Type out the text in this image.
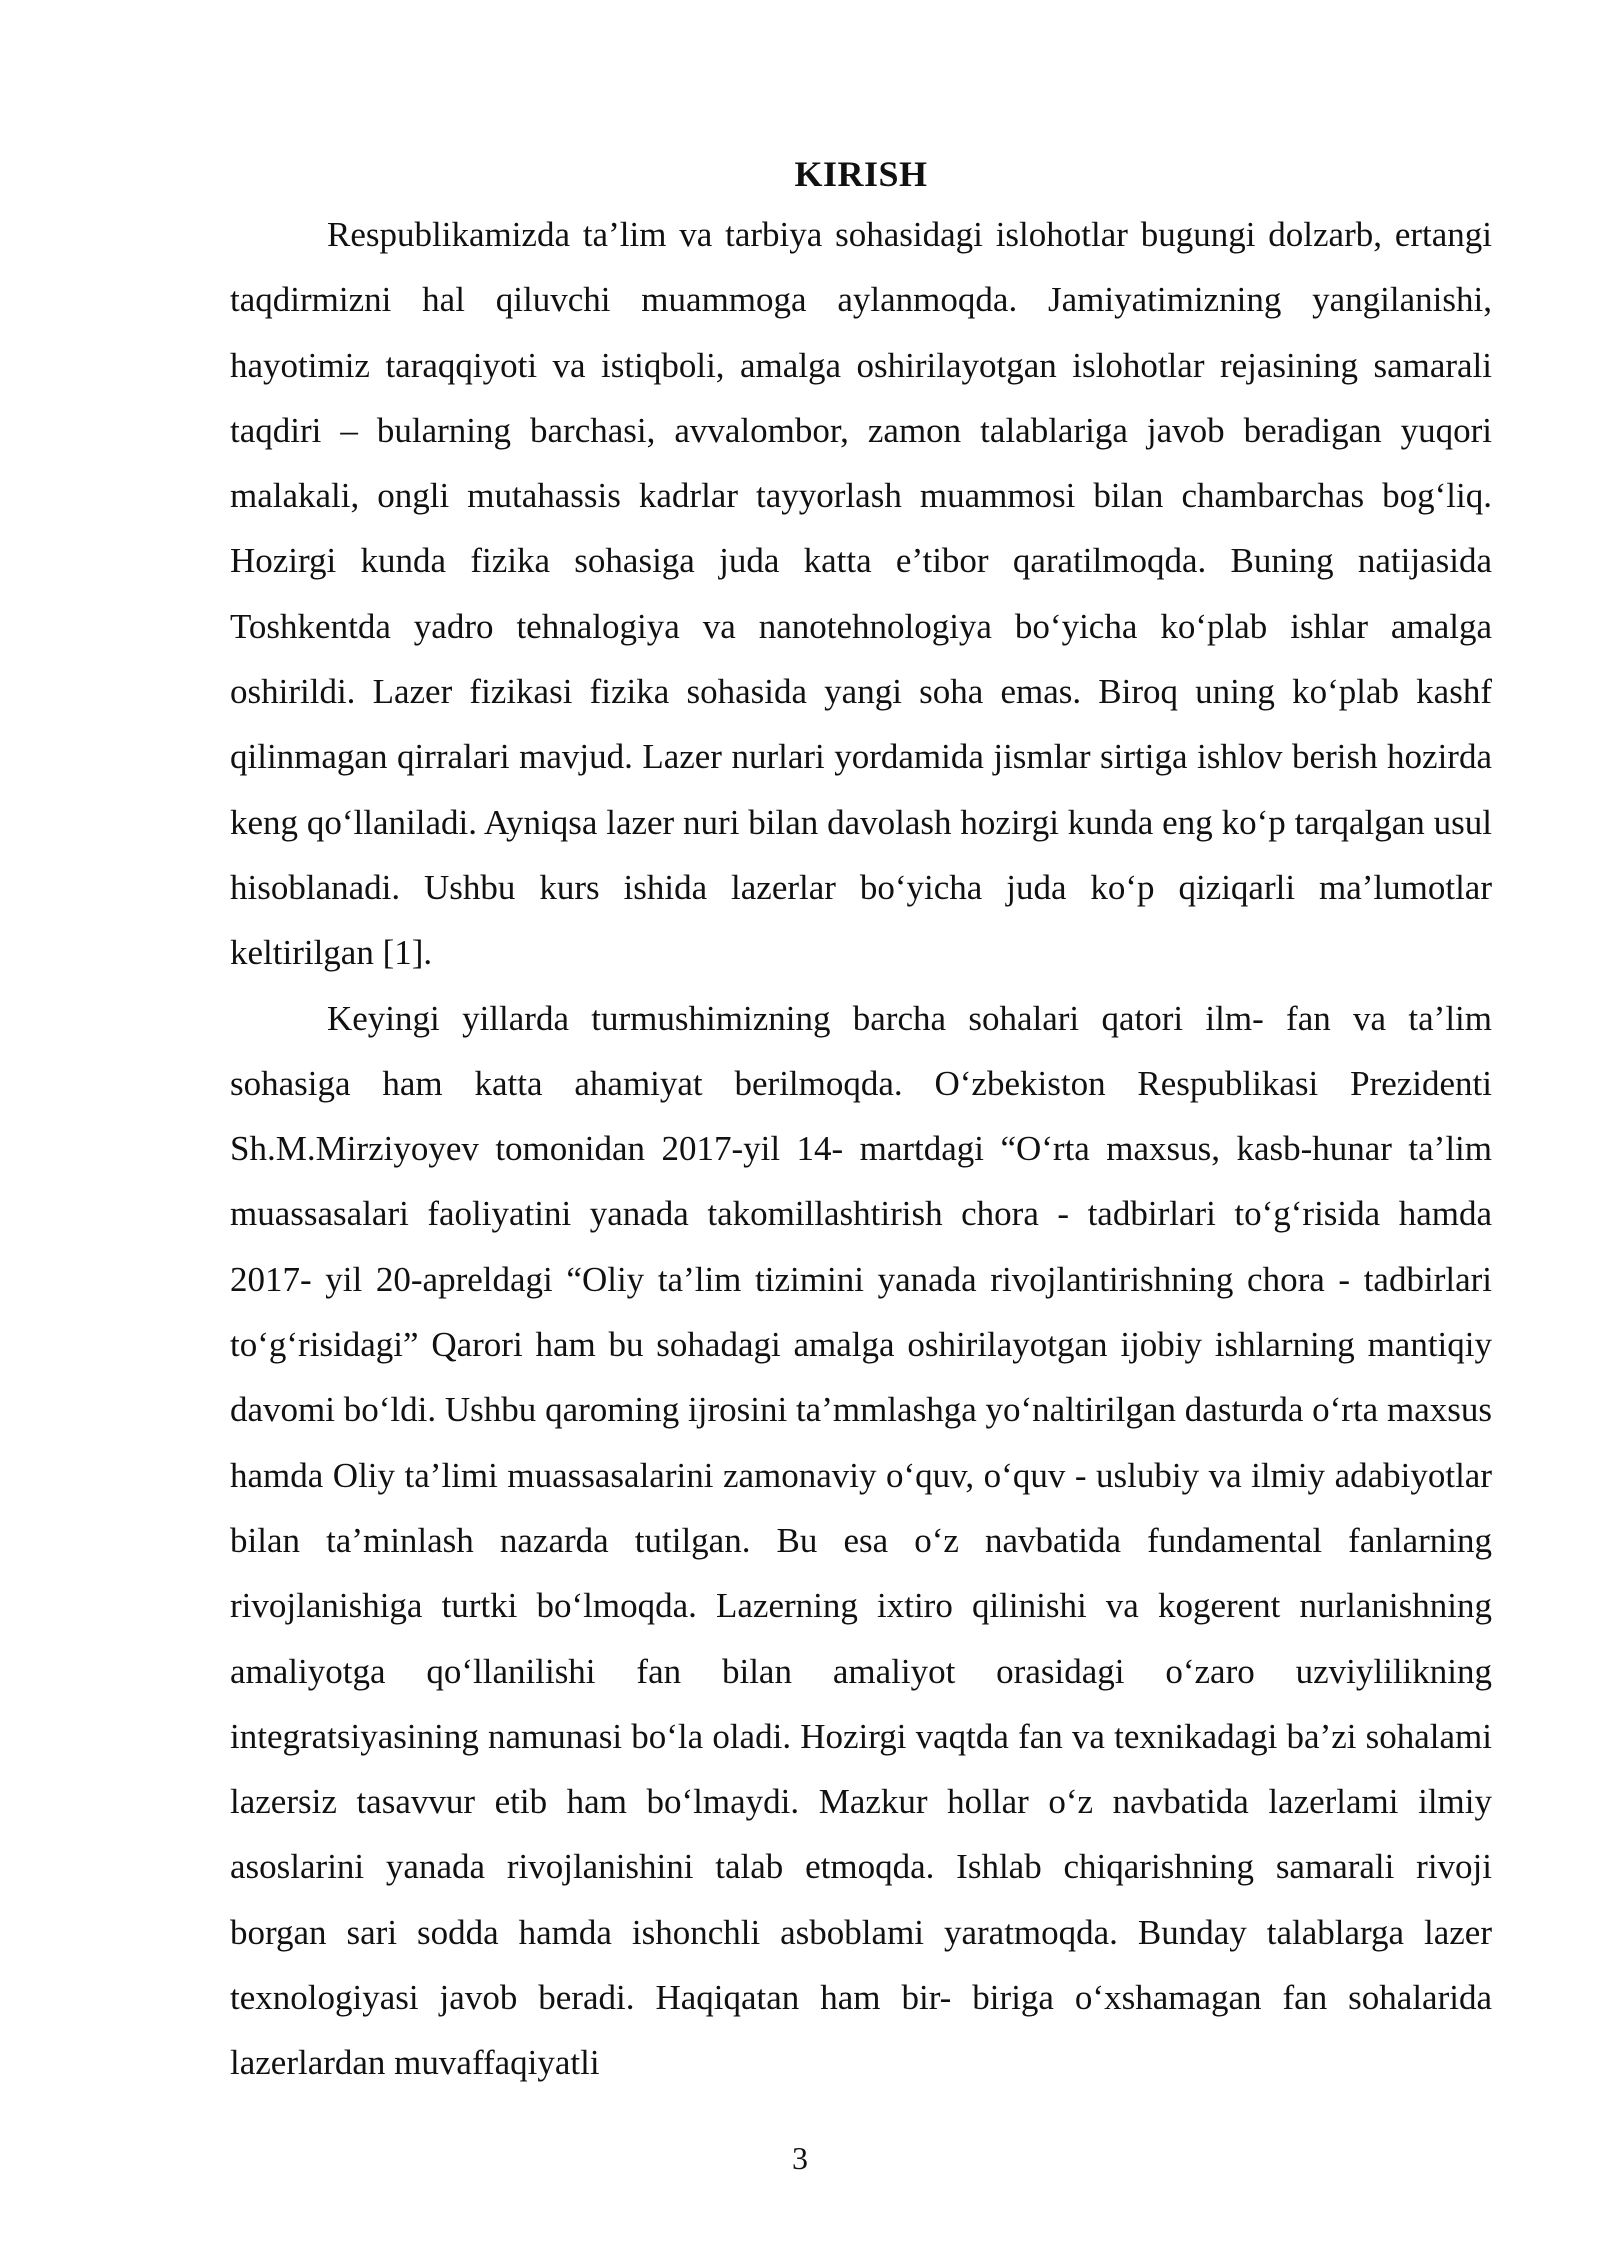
KIRISH

Respublikamizda ta’lim va tarbiya sohasidagi islohotlar bugungi dolzarb, ertangi taqdirmizni hal qiluvchi muammoga aylanmoqda. Jamiyatimizning yangilanishi, hayotimiz taraqqiyoti va istiqboli, amalga oshirilayotgan islohotlar rejasining samarali taqdiri – bularning barchasi, avvalombor, zamon talablariga javob beradigan yuqori malakali, ongli mutahassis kadrlar tayyorlash muammosi bilan chambarchas bog‘liq. Hozirgi kunda fizika sohasiga juda katta e’tibor qaratilmoqda. Buning natijasida Toshkentda yadro tehnalogiya va nanotehnologiya bo‘yicha ko‘plab ishlar amalga oshirildi. Lazer fizikasi fizika sohasida yangi soha emas. Biroq uning ko‘plab kashf qilinmagan qirralari mavjud. Lazer nurlari yordamida jismlar sirtiga ishlov berish hozirda keng qo‘llaniladi. Ayniqsa lazer nuri bilan davolash hozirgi kunda eng ko‘p tarqalgan usul hisoblanadi. Ushbu kurs ishida lazerlar bo‘yicha juda ko‘p qiziqarli ma’lumotlar keltirilgan [1].

Keyingi yillarda turmushimizning barcha sohalari qatori ilm- fan va ta’lim sohasiga ham katta ahamiyat berilmoqda. O‘zbekiston Respublikasi Prezidenti Sh.M.Mirziyoyev tomonidan 2017-yil 14- martdagi “O‘rta maxsus, kasb-hunar ta’lim muassasalari faoliyatini yanada takomillashtirish chora - tadbirlari to‘g‘risida hamda 2017- yil 20-apreldagi “Oliy ta’lim tizimini yanada rivojlantirishning chora - tadbirlari to‘g‘risidagi” Qarori ham bu sohadagi amalga oshirilayotgan ijobiy ishlarning mantiqiy davomi bo‘ldi. Ushbu qaroming ijrosini ta’mmlashga yo‘naltirilgan dasturda o‘rta maxsus hamda Oliy ta’limi muassasalarini zamonaviy o‘quv, o‘quv - uslubiy va ilmiy adabiyotlar bilan ta’minlash nazarda tutilgan. Bu esa o‘z navbatida fundamental fanlarning rivojlanishiga turtki bo‘lmoqda. Lazerning ixtiro qilinishi va kogerent nurlanishning amaliyotga qo‘llanilishi fan bilan amaliyot orasidagi o‘zaro uzviylilikning integratsiyasining namunasi bo‘la oladi. Hozirgi vaqtda fan va texnikadagi ba’zi sohalami lazersiz tasavvur etib ham bo‘lmaydi. Mazkur hollar o‘z navbatida lazerlami ilmiy asoslarini yanada rivojlanishini talab etmoqda. Ishlab chiqarishning samarali rivoji borgan sari sodda hamda ishonchli asboblami yaratmoqda. Bunday talablarga lazer texnologiyasi javob beradi. Haqiqatan ham bir- biriga o‘xshamagan fan sohalarida lazerlardan muvaffaqiyatli

3
